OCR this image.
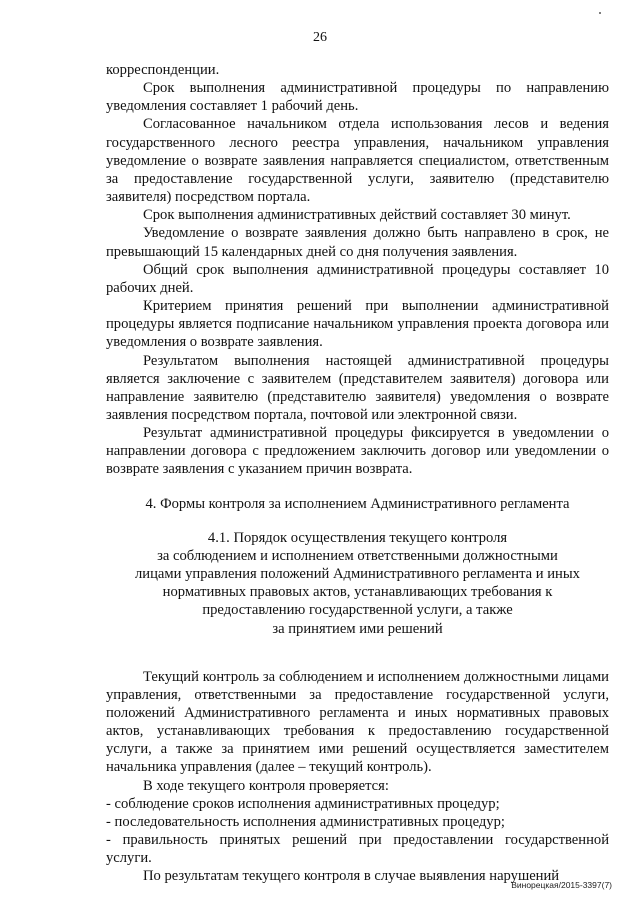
26

корреспонденции.

Срок выполнения административной процедуры по направлению уведомления составляет 1 рабочий день.

Согласованное начальником отдела использования лесов и ведения государственного лесного реестра управления, начальником управления уведомление о возврате заявления направляется специалистом, ответственным за предоставление государственной услуги, заявителю (представителю заявителя) посредством портала.

Срок выполнения административных действий составляет 30 минут.

Уведомление о возврате заявления должно быть направлено в срок, не превышающий 15 календарных дней со дня получения заявления.

Общий срок выполнения административной процедуры составляет 10 рабочих дней.

Критерием принятия решений при выполнении административной процедуры является подписание начальником управления проекта договора или уведомления о возврате заявления.

Результатом выполнения настоящей административной процедуры является заключение с заявителем (представителем заявителя) договора или направление заявителю (представителю заявителя) уведомления о возврате заявления посредством портала, почтовой или электронной связи.

Результат административной процедуры фиксируется в уведомлении о направлении договора с предложением заключить договор или уведомлении о возврате заявления с указанием причин возврата.

4. Формы контроля за исполнением Административного регламента

4.1. Порядок осуществления текущего контроля

за соблюдением и исполнением ответственными должностными

лицами управления положений Административного регламента и иных

нормативных правовых актов, устанавливающих требования к

предоставлению государственной услуги, а также

за принятием ими решений

Текущий контроль за соблюдением и исполнением должностными лицами управления, ответственными за предоставление государственной услуги, положений Административного регламента и иных нормативных правовых актов, устанавливающих требования к предоставлению государственной услуги, а также за принятием ими решений осуществляется заместителем начальника управления (далее – текущий контроль).

В ходе текущего контроля проверяется:

- соблюдение сроков исполнения административных процедур;

- последовательность исполнения административных процедур;

- правильность принятых решений при предоставлении государственной услуги.

По результатам текущего контроля в случае выявления нарушений

Винорецкая/2015-3397(7)
